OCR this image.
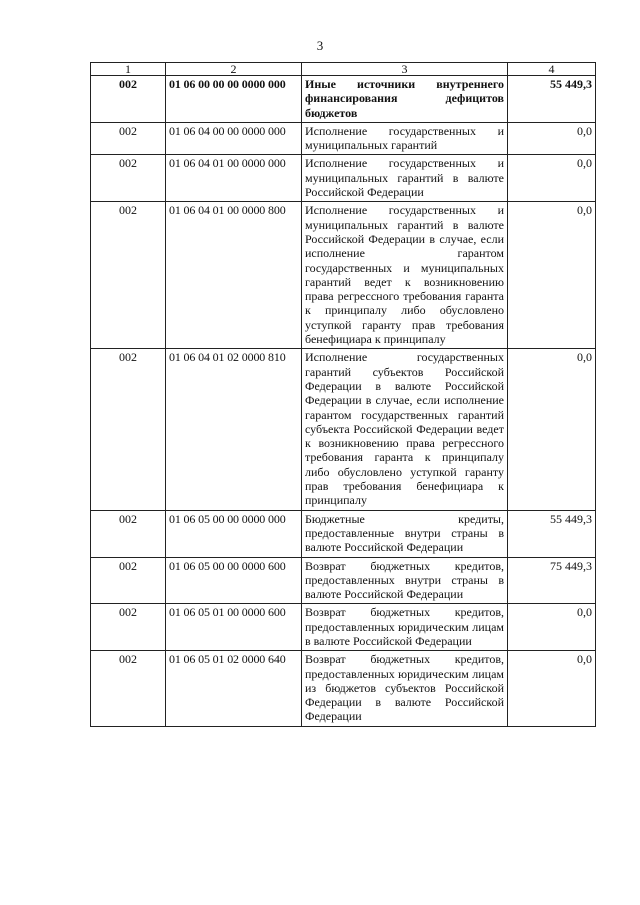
3
1	2	3	4
002	01 06 00 00 00 0000 000	Иные источники внутреннего финансирования дефицитов бюджетов	55 449,3
002	01 06 04 00 00 0000 000	Исполнение государственных и муниципальных гарантий	0,0
002	01 06 04 01 00 0000 000	Исполнение государственных и муниципальных гарантий в валюте Российской Федерации	0,0
002	01 06 04 01 00 0000 800	Исполнение государственных и муниципальных гарантий в валюте Российской Федерации в случае, если исполнение гарантом государственных и муниципальных гарантий ведет к возникновению права регрессного требования гаранта к принципалу либо обусловлено уступкой гаранту прав требования бенефициара к принципалу	0,0
002	01 06 04 01 02 0000 810	Исполнение государственных гарантий субъектов Российской Федерации в валюте Российской Федерации в случае, если исполнение гарантом государственных гарантий субъекта Российской Федерации ведет к возникновению права регрессного требования гаранта к принципалу либо обусловлено уступкой гаранту прав требования бенефициара к принципалу	0,0
002	01 06 05 00 00 0000 000	Бюджетные кредиты, предоставленные внутри страны в валюте Российской Федерации	55 449,3
002	01 06 05 00 00 0000 600	Возврат бюджетных кредитов, предоставленных внутри страны в валюте Российской Федерации	75 449,3
002	01 06 05 01 00 0000 600	Возврат бюджетных кредитов, предоставленных юридическим лицам в валюте Российской Федерации	0,0
002	01 06 05 01 02 0000 640	Возврат бюджетных кредитов, предоставленных юридическим лицам из бюджетов субъектов Российской Федерации в валюте Российской Федерации	0,0
